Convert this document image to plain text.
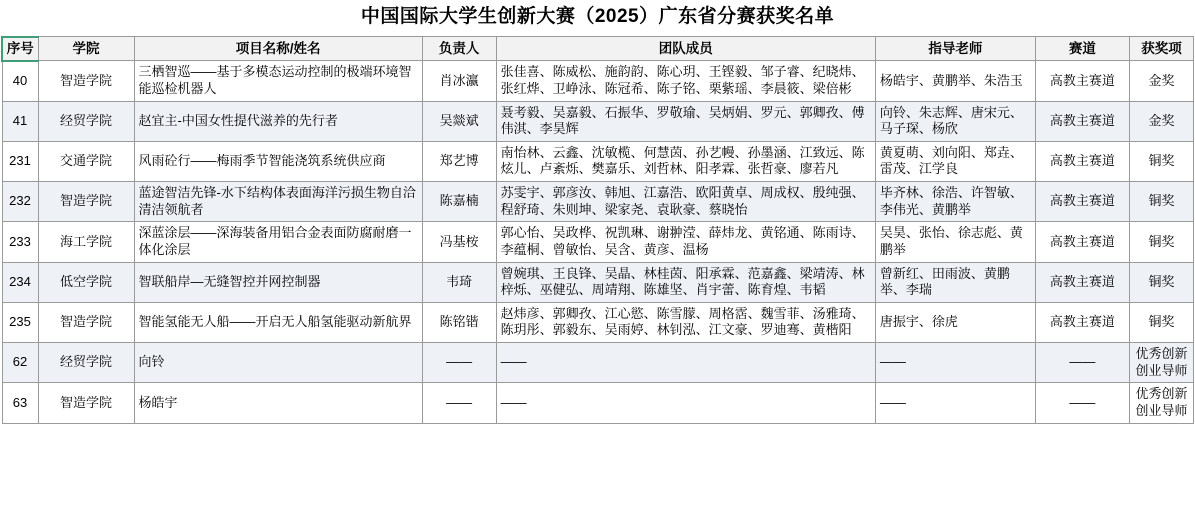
中国国际大学生创新大赛（2025）广东省分赛获奖名单
序号	学院	项目名称/姓名	负责人	团队成员	指导老师	赛道	获奖项
40	智造学院	三栖智巡——基于多模态运动控制的极端环境智能巡检机器人	肖冰瀛	张佳喜、陈威松、施韵韵、陈心玥、王铿毅、邹子睿、纪晓炜、张红烨、卫峥泳、陈冠希、陈子铭、栗紫瑶、李晨筱、梁倍彬	杨皓宇、黄鹏举、朱浩玉	高教主赛道	金奖
41	经贸学院	赵宜主-中国女性提代滋养的先行者	吴燚斌	聂考毅、吴嘉毅、石振华、罗敬瑜、吴炳娟、罗元、郭卿孜、傅伟淇、李昊辉	向铃、朱志辉、唐宋元、马子琛、杨欣	高教主赛道	金奖
231	交通学院	风雨砼行——梅雨季节智能浇筑系统供应商	郑艺博	南怡林、云鑫、沈敏榄、何慧茵、孙艺幔、孙墨涵、江致远、陈炫儿、卢紊烁、樊嘉乐、刘哲林、阳孝霖、张哲豪、廖若凡	黄夏萌、刘向阳、郑垚、雷茂、江学良	高教主赛道	铜奖
232	智造学院	蓝途智洁先锋-水下结构体表面海洋污损生物自洽清洁领航者	陈嘉楠	苏雯宇、郭彦汝、韩旭、江嘉浩、欧阳黄卓、周成权、殷纯强、程舒琦、朱则坤、梁家尧、袁耿豪、蔡晓怡	毕齐林、徐浩、许智敏、李伟光、黄鹏举	高教主赛道	铜奖
233	海工学院	深蓝涂层——深海装备用铝合金表面防腐耐磨一体化涂层	冯基桉	郭心怡、吴政桦、祝凯琳、谢翀滢、薛炜龙、黄铭通、陈雨诗、李蕴桐、曾敏怡、吴含、黄彦、温杨	吴昊、张怡、徐志彪、黄鹏举	高教主赛道	铜奖
234	低空学院	智联船岸—无缝智控并网控制器	韦琦	曾婉琪、王良锋、吴晶、林桂茵、阳承霖、范嘉鑫、梁靖涛、林梓烁、巫健弘、周靖翔、陈雄坚、肖宇蕾、陈育煌、韦韬	曾新红、田雨波、黄鹏举、李瑞	高教主赛道	铜奖
235	智造学院	智能氢能无人船——开启无人船氢能驱动新航界	陈铭锴	赵炜彦、郭卿孜、江心慾、陈雪朦、周格霑、魏雪菲、汤雅琦、陈玥彤、郭毅东、吴雨婷、林钊泓、江文豪、罗迪骞、黄楷阳	唐振宇、徐虎	高教主赛道	铜奖
62	经贸学院	向铃	——	——	——	——	优秀创新创业导师
63	智造学院	杨皓宇	——	——	——	——	优秀创新创业导师
